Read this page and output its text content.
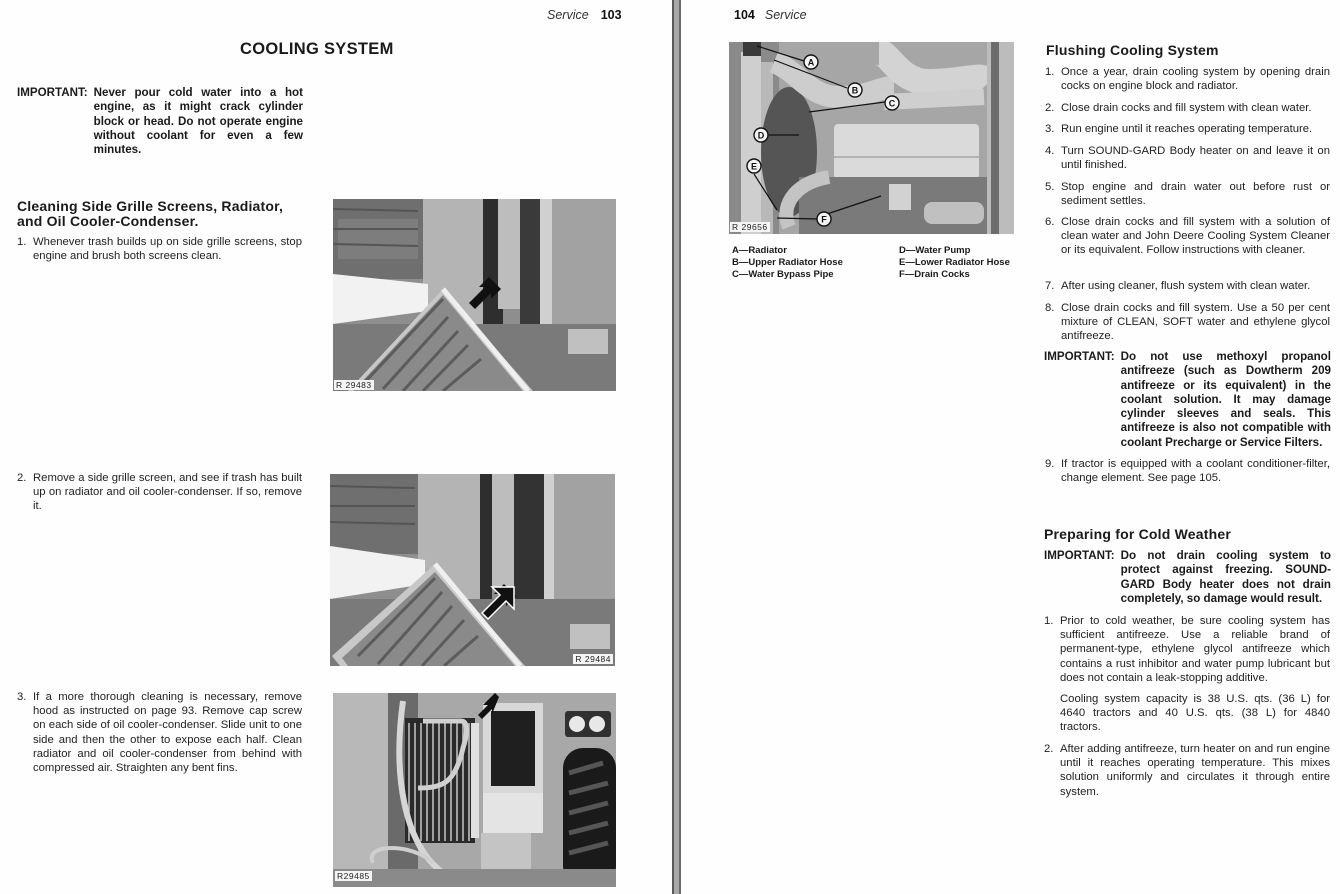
Service 103
COOLING SYSTEM
IMPORTANT: Never pour cold water into a hot engine, as it might crack cylinder block or head. Do not operate engine without coolant for even a few minutes.
Cleaning Side Grille Screens, Radiator, and Oil Cooler-Condenser.
1. Whenever trash builds up on side grille screens, stop engine and brush both screens clean.
2. Remove a side grille screen, and see if trash has built up on radiator and oil cooler-condenser. If so, remove it.
3. If a more thorough cleaning is necessary, remove hood as instructed on page 93. Remove cap screw on each side of oil cooler-condenser. Slide unit to one side and then the other to expose each half. Clean radiator and oil cooler-condenser from behind with compressed air. Straighten any bent fins.
R 29483
R 29484
R29485
104 Service
A
B
C
D
E
F
R 29656
A—Radiator
B—Upper Radiator Hose
C—Water Bypass Pipe
D—Water Pump
E—Lower Radiator Hose
F—Drain Cocks
Flushing Cooling System
1. Once a year, drain cooling system by opening drain cocks on engine block and radiator.
2. Close drain cocks and fill system with clean water.
3. Run engine until it reaches operating temperature.
4. Turn SOUND-GARD Body heater on and leave it on until finished.
5. Stop engine and drain water out before rust or sediment settles.
6. Close drain cocks and fill system with a solution of clean water and John Deere Cooling System Cleaner or its equivalent. Follow instructions with cleaner.
7. After using cleaner, flush system with clean water.
8. Close drain cocks and fill system. Use a 50 per cent mixture of CLEAN, SOFT water and ethylene glycol antifreeze.
IMPORTANT: Do not use methoxyl propanol antifreeze (such as Dowtherm 209 antifreeze or its equivalent) in the coolant solution. It may damage cylinder sleeves and seals. This antifreeze is also not compatible with coolant Precharge or Service Filters.
9. If tractor is equipped with a coolant conditioner-filter, change element. See page 105.
Preparing for Cold Weather
IMPORTANT: Do not drain cooling system to protect against freezing. SOUND-GARD Body heater does not drain completely, so damage would result.
1. Prior to cold weather, be sure cooling system has sufficient antifreeze. Use a reliable brand of permanent-type, ethylene glycol antifreeze which contains a rust inhibitor and water pump lubricant but does not contain a leak-stopping additive.
Cooling system capacity is 38 U.S. qts. (36 L) for 4640 tractors and 40 U.S. qts. (38 L) for 4840 tractors.
2. After adding antifreeze, turn heater on and run engine until it reaches operating temperature. This mixes solution uniformly and circulates it through entire system.
